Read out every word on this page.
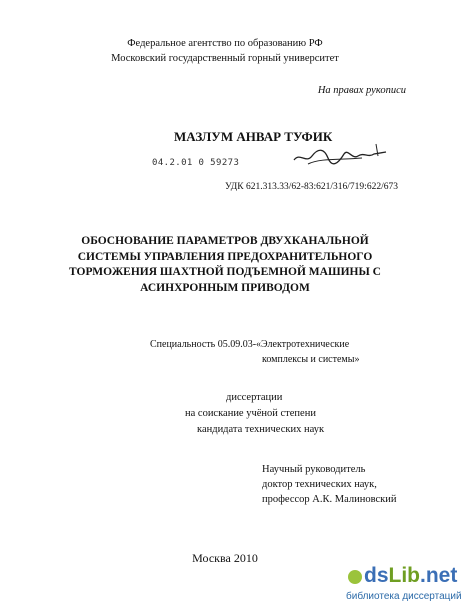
Федеральное агентство по образованию РФ
Московский государственный горный университет
На правах рукописи
МАЗЛУМ АНВАР ТУФИК
04.2.01 0 59273
УДК 621.313.33/62-83:621/316/719:622/673
ОБОСНОВАНИЕ ПАРАМЕТРОВ ДВУХКАНАЛЬНОЙ
СИСТЕМЫ УПРАВЛЕНИЯ ПРЕДОХРАНИТЕЛЬНОГО
ТОРМОЖЕНИЯ ШАХТНОЙ ПОДЪЕМНОЙ МАШИНЫ С
АСИНХРОННЫМ ПРИВОДОМ
Специальность 05.09.03-«Электротехнические
комплексы и системы»
диссертации
на соискание учёной степени
кандидата технических наук
Научный руководитель
доктор технических наук,
профессор А.К. Малиновский
Москва 2010
dsLib.net
библиотека диссертаций
